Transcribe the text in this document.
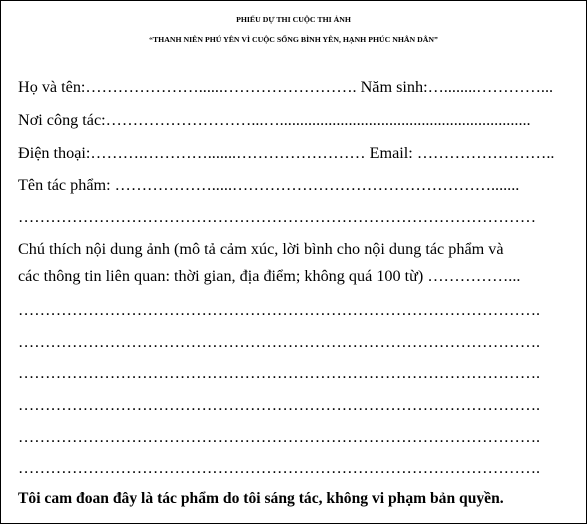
PHIẾU DỰ THI CUỘC THI ẢNH
“THANH NIÊN PHÚ YÊN VÌ CUỘC SỐNG BÌNH YÊN, HẠNH PHÚC NHÂN DÂN”
Họ và tên:…………………......……………………. Năm sinh:…........…………...
Nơi công tác:………………………...…..............................................................
Điện thoại:……….………….......…………………… Email: ……………………..
Tên tác phẩm: ……………….....………………………………………….......
……………………………………………………………………………………
Chú thích nội dung ảnh (mô tả cảm xúc, lời bình cho nội dung tác phẩm và
các thông tin liên quan: thời gian, địa điểm; không quá 100 từ) ……………...
…………………………………………………………………………………….
…………………………………………………………………………………….
…………………………………………………………………………………….
…………………………………………………………………………………….
…………………………………………………………………………………….
…………………………………………………………………………………….
Tôi cam đoan đây là tác phẩm do tôi sáng tác, không vi phạm bản quyền.
